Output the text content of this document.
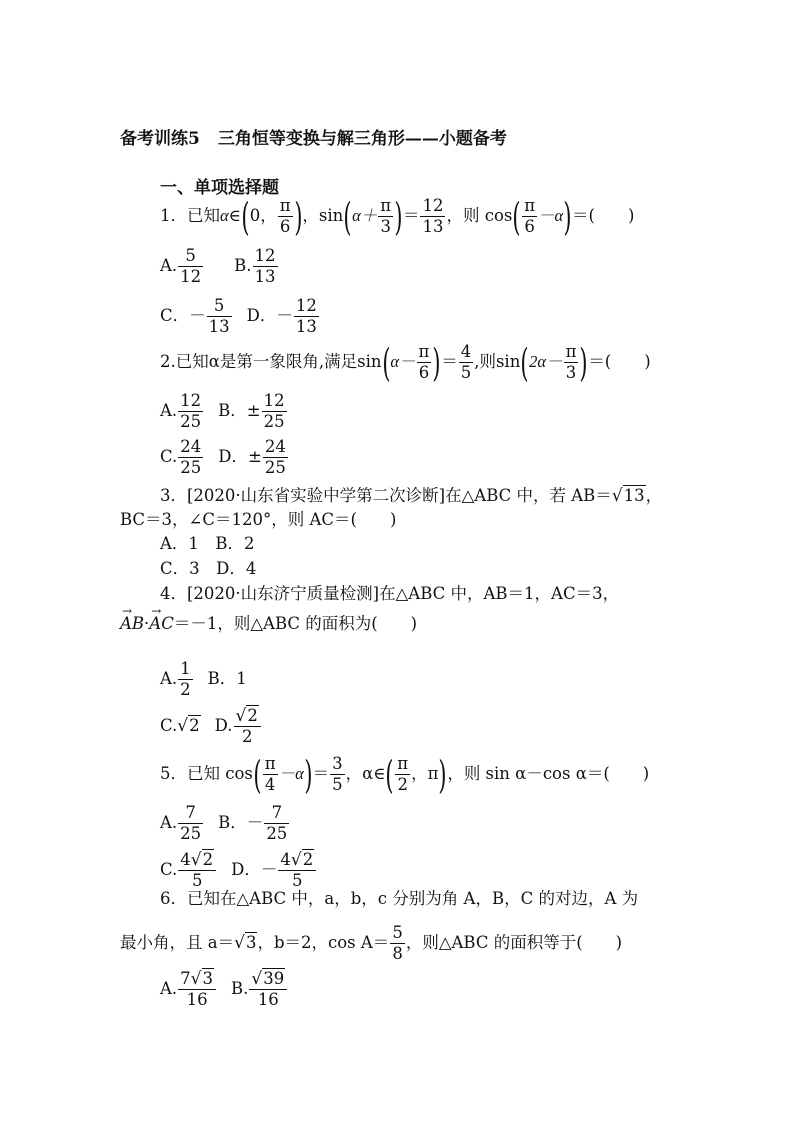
备考训练5 三角恒等变换与解三角形——小题备考
一、单项选择题
1．已知α∈(0， $\frac{\pi}{6}$ )，$\sin(\alpha+ \frac{\pi}{3}$ )＝ $\frac{12}{13}$ ，则 $\cos( \frac{\pi}{6} -\alpha)=$(　　)
A. $\frac{5}{12} B$. $\frac{12}{13}$
C．－ $\frac{5}{13}$ D．－ $\frac{12}{13}$
2.已知α是第一象限角,满足$\sin(\alpha- \frac{\pi}{6}$ )＝ $\frac{4}{5}$ ,则$\sin(2\alpha- \frac{\pi}{3}$ )＝(　　)
A. $\frac{12}{25}$ B．± $\frac{12}{25}$
C. $\frac{24}{25}$ D．± $\frac{24}{25}$
3．[2020·山东省实验中学第二次诊断]在△ABC 中，若 AB＝√13，
BC＝3，∠C＝120°，则 AC＝(　　)
A．1　B．2
C．3　D．4
4．[2020·山东济宁质量检测]在△ABC 中，AB＝1，AC＝3，
→ AB·→ AC＝－1，则△ABC 的面积为(　　)
A. $\frac{1}{2}$ B．1
C.√2 D. $\frac{√2}{2}$
5．已知 $\cos( \frac{\pi}{4} -\alpha)= \frac{3}{5}$ ，α∈( $\frac{\pi}{2}$ ，π)，则 sin α－cos α＝(　　)
A. $\frac{7}{25}$ B．－ $\frac{7}{25}$
C. $\frac{4√2}{5}$ D．－ $\frac{4√2}{5}$
6．已知在△ABC 中，a，b，c 分别为角 A，B，C 的对边，A 为
最小角，且 a＝√3，b＝2，$\cos A= \frac{5}{8}$ ，则△ABC 的面积等于(　　)
A. $\frac{7√3}{16} B$. $\frac{√39}{16}$
